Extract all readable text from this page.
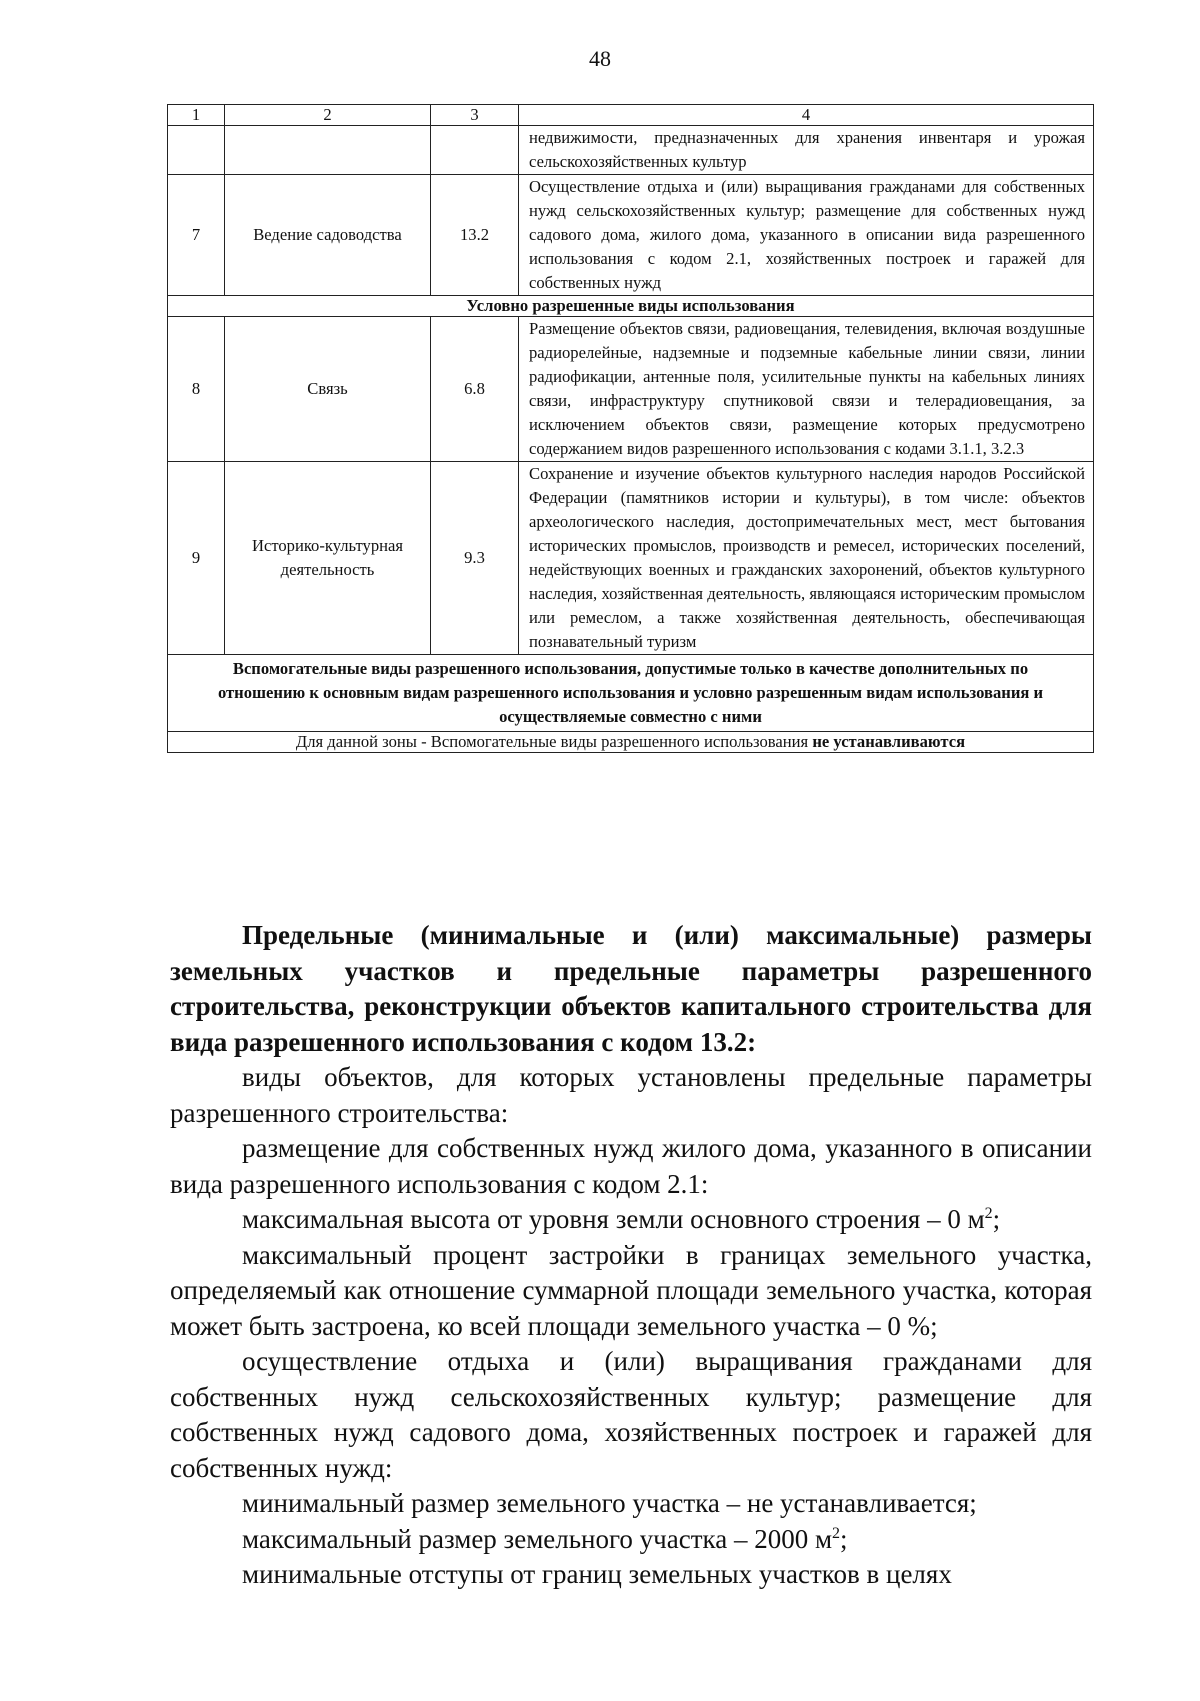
48
1	2	3	4
			недвижимости, предназначенных для хранения инвентаря и урожая сельскохозяйственных культур
7	Ведение садоводства	13.2	Осуществление отдыха и (или) выращивания гражданами для собственных нужд сельскохозяйственных культур; размещение для собственных нужд садового дома, жилого дома, указанного в описании вида разрешенного использования с кодом 2.1, хозяйственных построек и гаражей для собственных нужд
Условно разрешенные виды использования			
8	Связь	6.8	Размещение объектов связи, радиовещания, телевидения, включая воздушные радиорелейные, надземные и подземные кабельные линии связи, линии радиофикации, антенные поля, усилительные пункты на кабельных линиях связи, инфраструктуру спутниковой связи и телерадиовещания, за исключением объектов связи, размещение которых предусмотрено содержанием видов разрешенного использования с кодами 3.1.1, 3.2.3
9	Историко-культурная деятельность	9.3	Сохранение и изучение объектов культурного наследия народов Российской Федерации (памятников истории и культуры), в том числе: объектов археологического наследия, достопримечательных мест, мест бытования исторических промыслов, производств и ремесел, исторических поселений, недействующих военных и гражданских захоронений, объектов культурного наследия, хозяйственная деятельность, являющаяся историческим промыслом или ремеслом, а также хозяйственная деятельность, обеспечивающая познавательный туризм
Вспомогательные виды разрешенного использования, допустимые только в качестве дополнительных по отношению к основным видам разрешенного использования и условно разрешенным видам использования и осуществляемые совместно с ними			
Для данной зоны - Вспомогательные виды разрешенного использования не устанавливаются			

Предельные (минимальные и (или) максимальные) размеры земельных участков и предельные параметры разрешенного строительства, реконструкции объектов капитального строительства для вида разрешенного использования с кодом 13.2:

виды объектов, для которых установлены предельные параметры разрешенного строительства:

размещение для собственных нужд жилого дома, указанного в описании вида разрешенного использования с кодом 2.1:

максимальная высота от уровня земли основного строения – 0 $м^2$;

максимальный процент застройки в границах земельного участка, определяемый как отношение суммарной площади земельного участка, которая может быть застроена, ко всей площади земельного участка – 0 %;

осуществление отдыха и (или) выращивания гражданами для собственных нужд сельскохозяйственных культур; размещение для собственных нужд садового дома, хозяйственных построек и гаражей для собственных нужд:

минимальный размер земельного участка – не устанавливается;

максимальный размер земельного участка – 2000 $м^2$;

минимальные отступы от границ земельных участков в целях
